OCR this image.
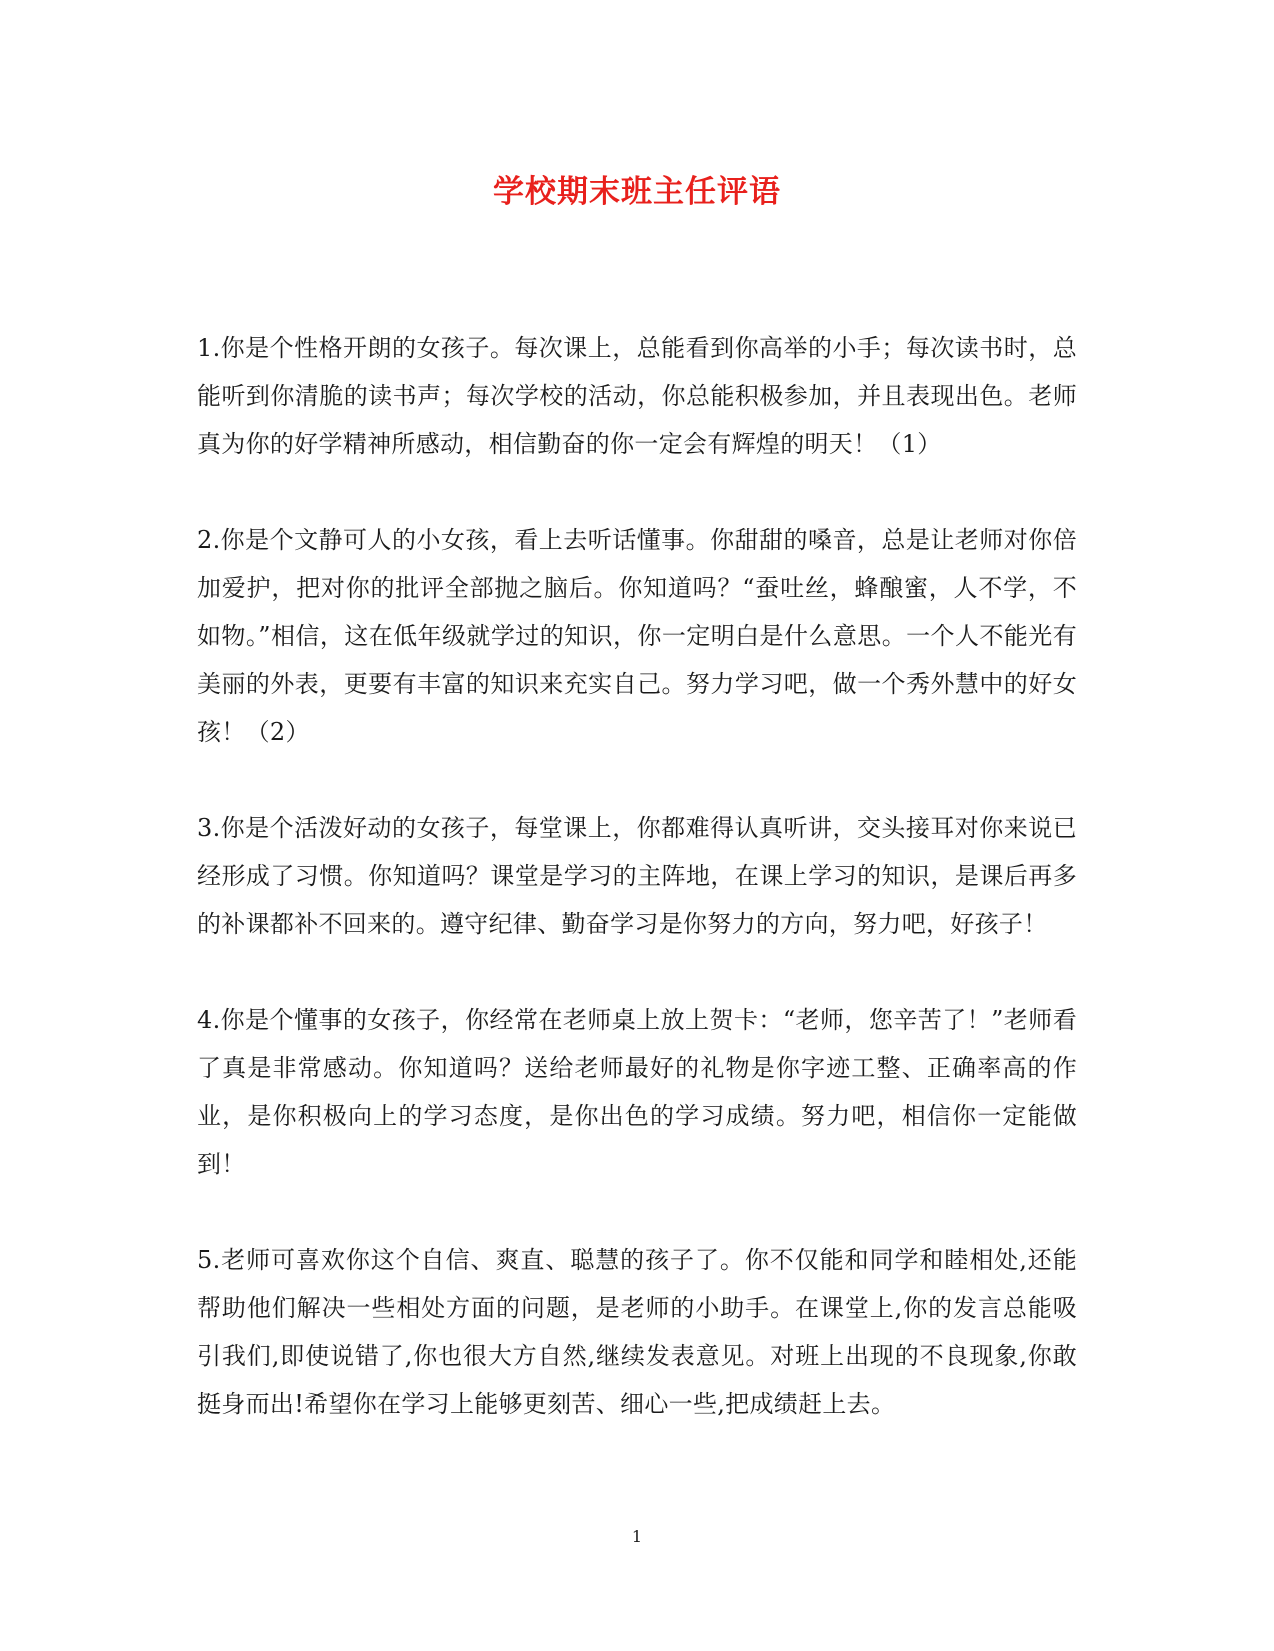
学校期末班主任评语

1.你是个性格开朗的女孩子。每次课上，总能看到你高举的小手；每次读书时，总能听到你清脆的读书声；每次学校的活动，你总能积极参加，并且表现出色。老师真为你的好学精神所感动，相信勤奋的你一定会有辉煌的明天！（1）

2.你是个文静可人的小女孩，看上去听话懂事。你甜甜的嗓音，总是让老师对你倍加爱护，把对你的批评全部抛之脑后。你知道吗？“蚕吐丝，蜂酿蜜，人不学，不如物。”相信，这在低年级就学过的知识，你一定明白是什么意思。一个人不能光有美丽的外表，更要有丰富的知识来充实自己。努力学习吧，做一个秀外慧中的好女孩！（2）

3.你是个活泼好动的女孩子，每堂课上，你都难得认真听讲，交头接耳对你来说已经形成了习惯。你知道吗？课堂是学习的主阵地，在课上学习的知识，是课后再多的补课都补不回来的。遵守纪律、勤奋学习是你努力的方向，努力吧，好孩子！

4.你是个懂事的女孩子，你经常在老师桌上放上贺卡：“老师，您辛苦了！”老师看了真是非常感动。你知道吗？送给老师最好的礼物是你字迹工整、正确率高的作业，是你积极向上的学习态度，是你出色的学习成绩。努力吧，相信你一定能做到！

5.老师可喜欢你这个自信、爽直、聪慧的孩子了。你不仅能和同学和睦相处,还能帮助他们解决一些相处方面的问题，是老师的小助手。在课堂上,你的发言总能吸引我们,即使说错了,你也很大方自然,继续发表意见。对班上出现的不良现象,你敢挺身而出!希望你在学习上能够更刻苦、细心一些,把成绩赶上去。

1
